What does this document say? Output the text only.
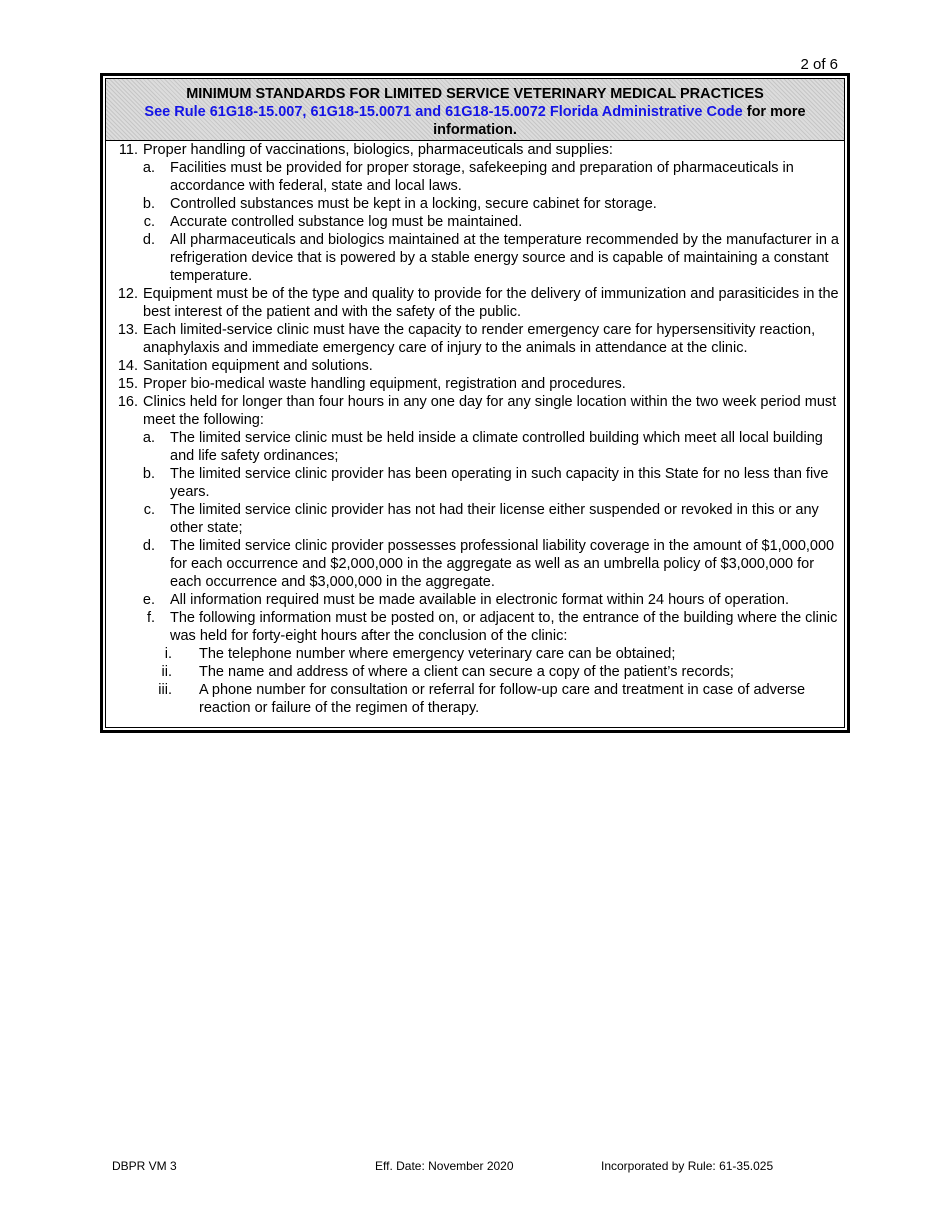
2 of 6
MINIMUM STANDARDS FOR LIMITED SERVICE VETERINARY MEDICAL PRACTICES
See Rule 61G18-15.007, 61G18-15.0071 and 61G18-15.0072 Florida Administrative Code for more information.
11. Proper handling of vaccinations, biologics, pharmaceuticals and supplies:
a. Facilities must be provided for proper storage, safekeeping and preparation of pharmaceuticals in accordance with federal, state and local laws.
b. Controlled substances must be kept in a locking, secure cabinet for storage.
c. Accurate controlled substance log must be maintained.
d. All pharmaceuticals and biologics maintained at the temperature recommended by the manufacturer in a refrigeration device that is powered by a stable energy source and is capable of maintaining a constant temperature.
12. Equipment must be of the type and quality to provide for the delivery of immunization and parasiticides in the best interest of the patient and with the safety of the public.
13. Each limited-service clinic must have the capacity to render emergency care for hypersensitivity reaction, anaphylaxis and immediate emergency care of injury to the animals in attendance at the clinic.
14. Sanitation equipment and solutions.
15. Proper bio-medical waste handling equipment, registration and procedures.
16. Clinics held for longer than four hours in any one day for any single location within the two week period must meet the following:
a. The limited service clinic must be held inside a climate controlled building which meet all local building and life safety ordinances;
b. The limited service clinic provider has been operating in such capacity in this State for no less than five years.
c. The limited service clinic provider has not had their license either suspended or revoked in this or any other state;
d. The limited service clinic provider possesses professional liability coverage in the amount of $1,000,000 for each occurrence and $2,000,000 in the aggregate as well as an umbrella policy of $3,000,000 for each occurrence and $3,000,000 in the aggregate.
e. All information required must be made available in electronic format within 24 hours of operation.
f. The following information must be posted on, or adjacent to, the entrance of the building where the clinic was held for forty-eight hours after the conclusion of the clinic:
i. The telephone number where emergency veterinary care can be obtained;
ii. The name and address of where a client can secure a copy of the patient’s records;
iii. A phone number for consultation or referral for follow-up care and treatment in case of adverse reaction or failure of the regimen of therapy.
DBPR VM 3	Eff. Date: November 2020	Incorporated by Rule: 61-35.025
